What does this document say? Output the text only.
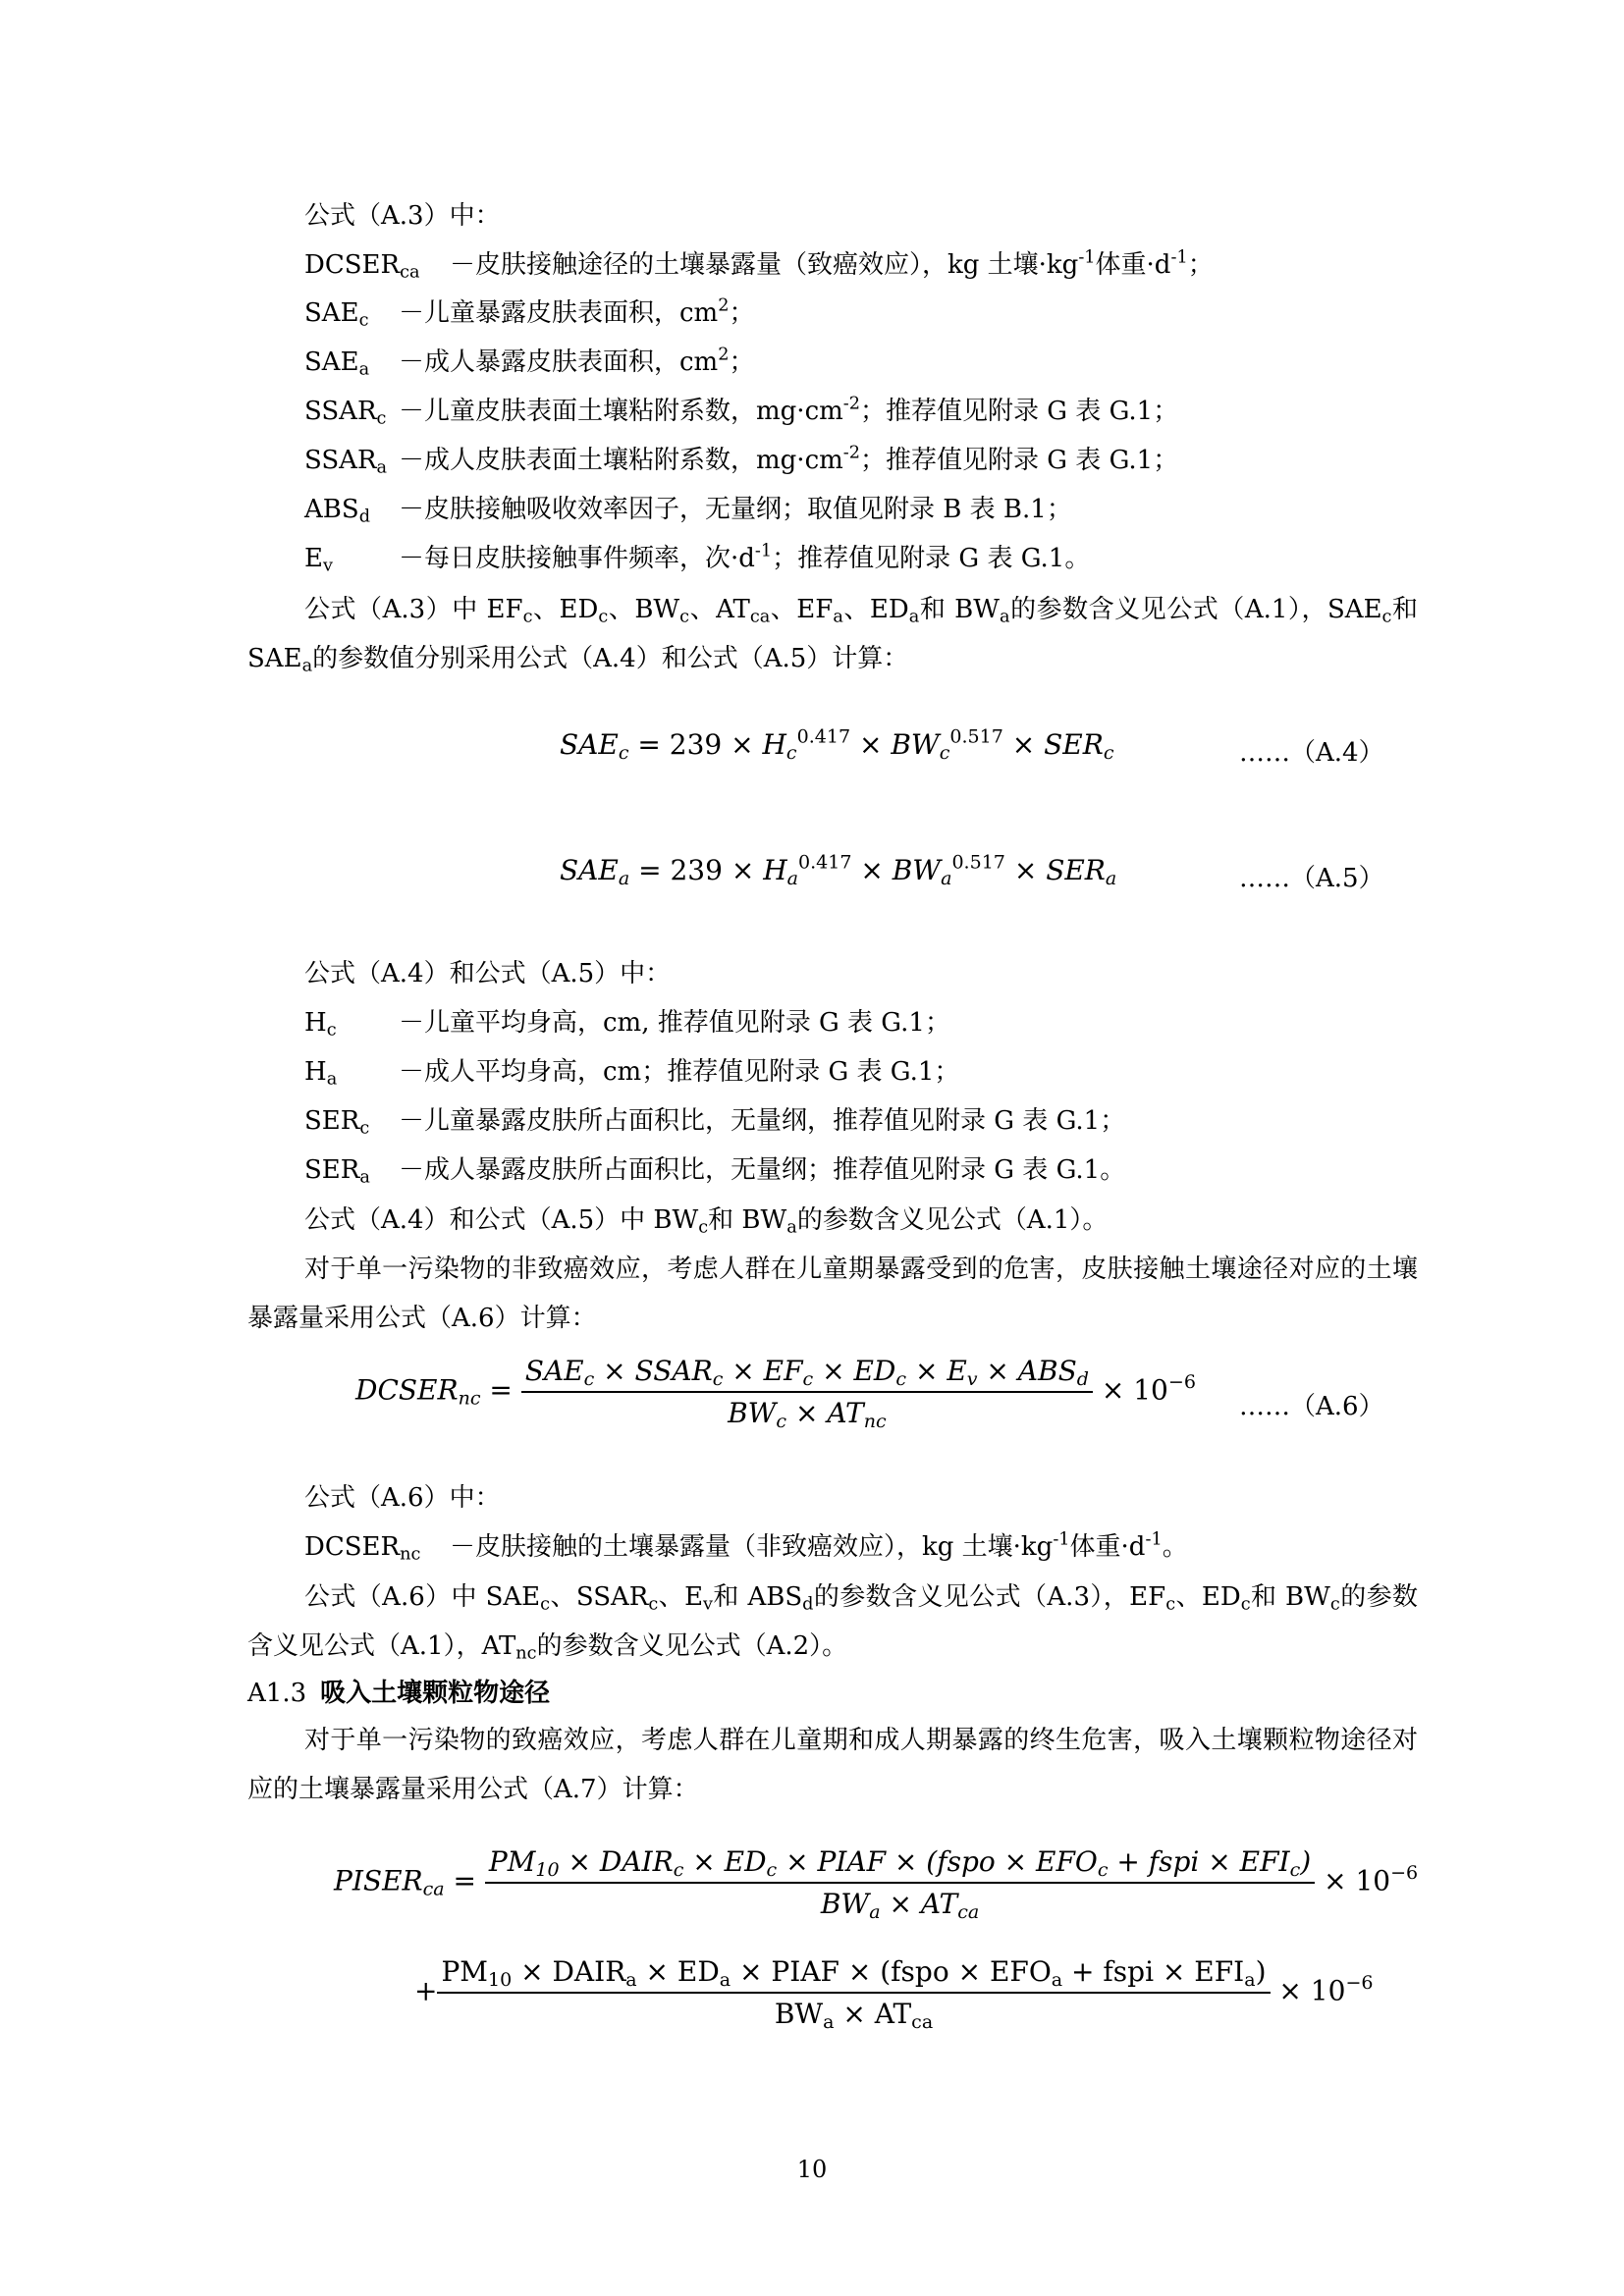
公式（A.3）中：
$DCSER_{ca}$ －皮肤接触途径的土壤暴露量（致癌效应），kg 土壤$\cdot kg^{-1}$体重$\cdot d^{-1}$；
$SAE_c$ －儿童暴露皮肤表面积，$cm^2$；
$SAE_a$ －成人暴露皮肤表面积，$cm^2$；
$SSAR_c$ －儿童皮肤表面土壤粘附系数，$mg\cdot cm^{-2}$；推荐值见附录 G 表 G.1；
$SSAR_a$ －成人皮肤表面土壤粘附系数，$mg\cdot cm^{-2}$；推荐值见附录 G 表 G.1；
$ABS_d$ －皮肤接触吸收效率因子，无量纲；取值见附录 B 表 B.1；
$E_v$	－每日皮肤接触事件频率，次$\cdot d^{-1}$；推荐值见附录 G 表 G.1。
公式（A.3）中 $EF_c$、$ED_c$、$BW_c$、$AT_{ca}$、$EF_a$、$ED_a$和 $BW_a$的参数含义见公式（A.1），$SAE_c$和 $SAE_a$的参数值分别采用公式（A.4）和公式（A.5）计算：
$SAE_c = 239 \times H_c^{0.417} \times BW_c^{0.517} \times SER_c$	……（A.4）
$SAE_a = 239 \times H_a^{0.417} \times BW_a^{0.517} \times SER_a$	……（A.5）
公式（A.4）和公式（A.5）中：
$H_c$ －儿童平均身高，cm, 推荐值见附录 G 表 G.1；
$H_a$ －成人平均身高，cm；推荐值见附录 G 表 G.1；
$SER_c$ －儿童暴露皮肤所占面积比，无量纲，推荐值见附录 G 表 G.1；
$SER_a$ －成人暴露皮肤所占面积比，无量纲；推荐值见附录 G 表 G.1。
公式（A.4）和公式（A.5）中 $BW_c$和 $BW_a$的参数含义见公式（A.1）。
对于单一污染物的非致癌效应，考虑人群在儿童期暴露受到的危害，皮肤接触土壤途径对应的土壤暴露量采用公式（A.6）计算：
$DCSER_{nc} = \frac{SAE_c \times SSAR_c \times EF_c \times ED_c \times E_v \times ABS_d}{BW_c \times AT_{nc}} \times 10^{-6}$
……（A.6）
公式（A.6）中：
$DCSER_{nc}$ －皮肤接触的土壤暴露量（非致癌效应），kg 土壤$\cdot kg^{-1}$体重$\cdot d^{-1}$。
公式（A.6）中 $SAE_c$、$SSAR_c$、$E_v$和 $ABS_d$的参数含义见公式（A.3），$EF_c$、$ED_c$和 $BW_c$的参数含义见公式（A.1），$AT_{nc}$的参数含义见公式（A.2）。
A1.3 吸入土壤颗粒物途径
对于单一污染物的致癌效应，考虑人群在儿童期和成人期暴露的终生危害，吸入土壤颗粒物途径对应的土壤暴露量采用公式（A.7）计算：
$PISER_{ca} = \frac{PM_{10} \times DAIR_c \times ED_c \times PIAF \times (fspo \times EFO_c + fspi \times EFI_c)}{BW_a \times AT_{ca}} \times 10^{-6}$
+ $\frac{PM_{10} \times DAIR_a \times ED_a \times PIAF \times (fspo \times EFO_a + fspi \times EFI_a)}{BW_a \times AT_{ca}} \times 10^{-6}$
10
